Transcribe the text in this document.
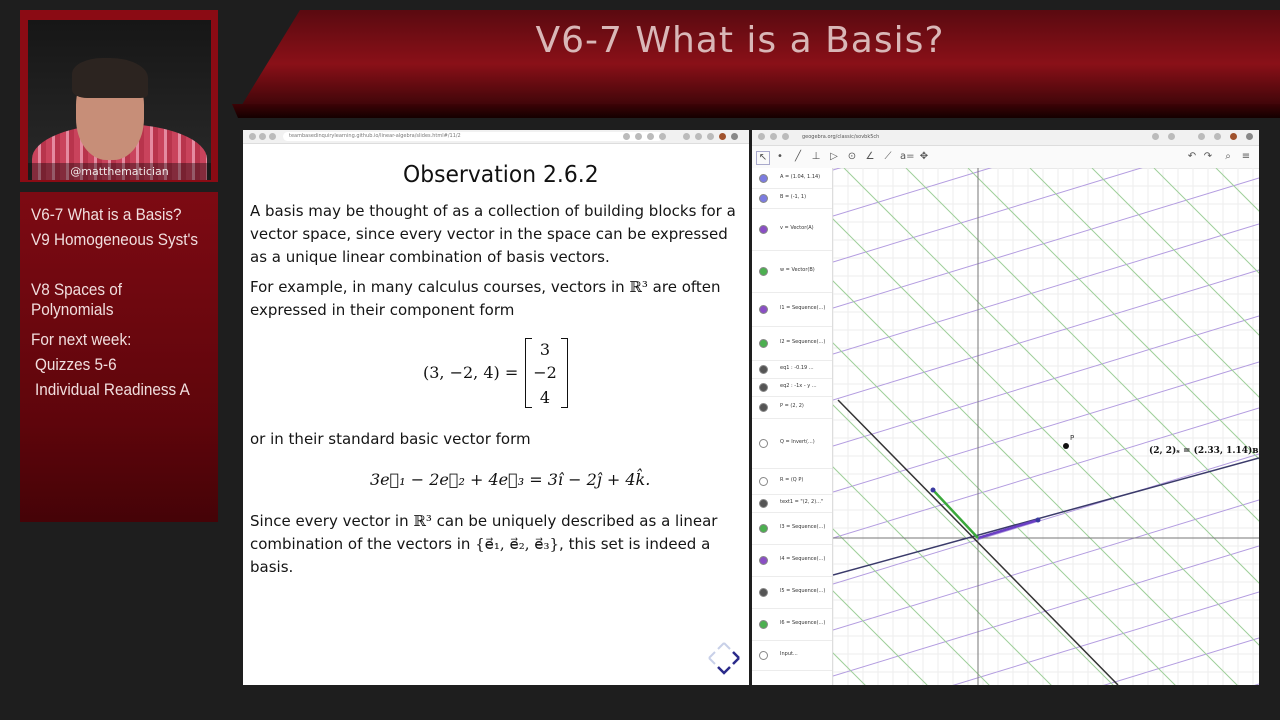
V6-7 What is a Basis?
@matthematician
V6-7 What is a Basis?
V9 Homogeneous Syst's
V8 Spaces of Polynomials
For next week:
Quizzes 5-6
Individual Readiness A
teambasedinquirylearning.github.io/linear-algebra/slides.html#/11/2
Observation 2.6.2
A basis may be thought of as a collection of building blocks for a vector space, since every vector in the space can be expressed as a unique linear combination of basis vectors.
For example, in many calculus courses, vectors in ℝ³ are often expressed in their component form
(3, −2, 4) =
3
−2
4
or in their standard basic vector form
3e⃗₁ − 2e⃗₂ + 4e⃗₃ = 3î − 2ĵ + 4k̂.
Since every vector in ℝ³ can be uniquely described as a linear combination of the vectors in {e⃗₁, e⃗₂, e⃗₃}, this set is indeed a basis.
geogebra.org/classic/sovbk5ch
↖ •	╱ ⊥ ▷ ⊙ ∠ ⟋ a= ✥	↶ ↷	⌕	≡
A = (1.04, 1.14)
B = (-1, 1)
v = Vector(A)
w = Vector(B)
l1 = Sequence(...)
l2 = Sequence(...)
eq1 : -0.19 ...
eq2 : -1x - y ...
P = (2, 2)
Q = Invert(...)
R = (Q P)
text1 = "(2, 2)..."
l3 = Sequence(...)
l4 = Sequence(...)
l5 = Sequence(...)
l6 = Sequence(...)
Input...
P
(2, 2)ₛ = (2.33, 1.14)ʙ
